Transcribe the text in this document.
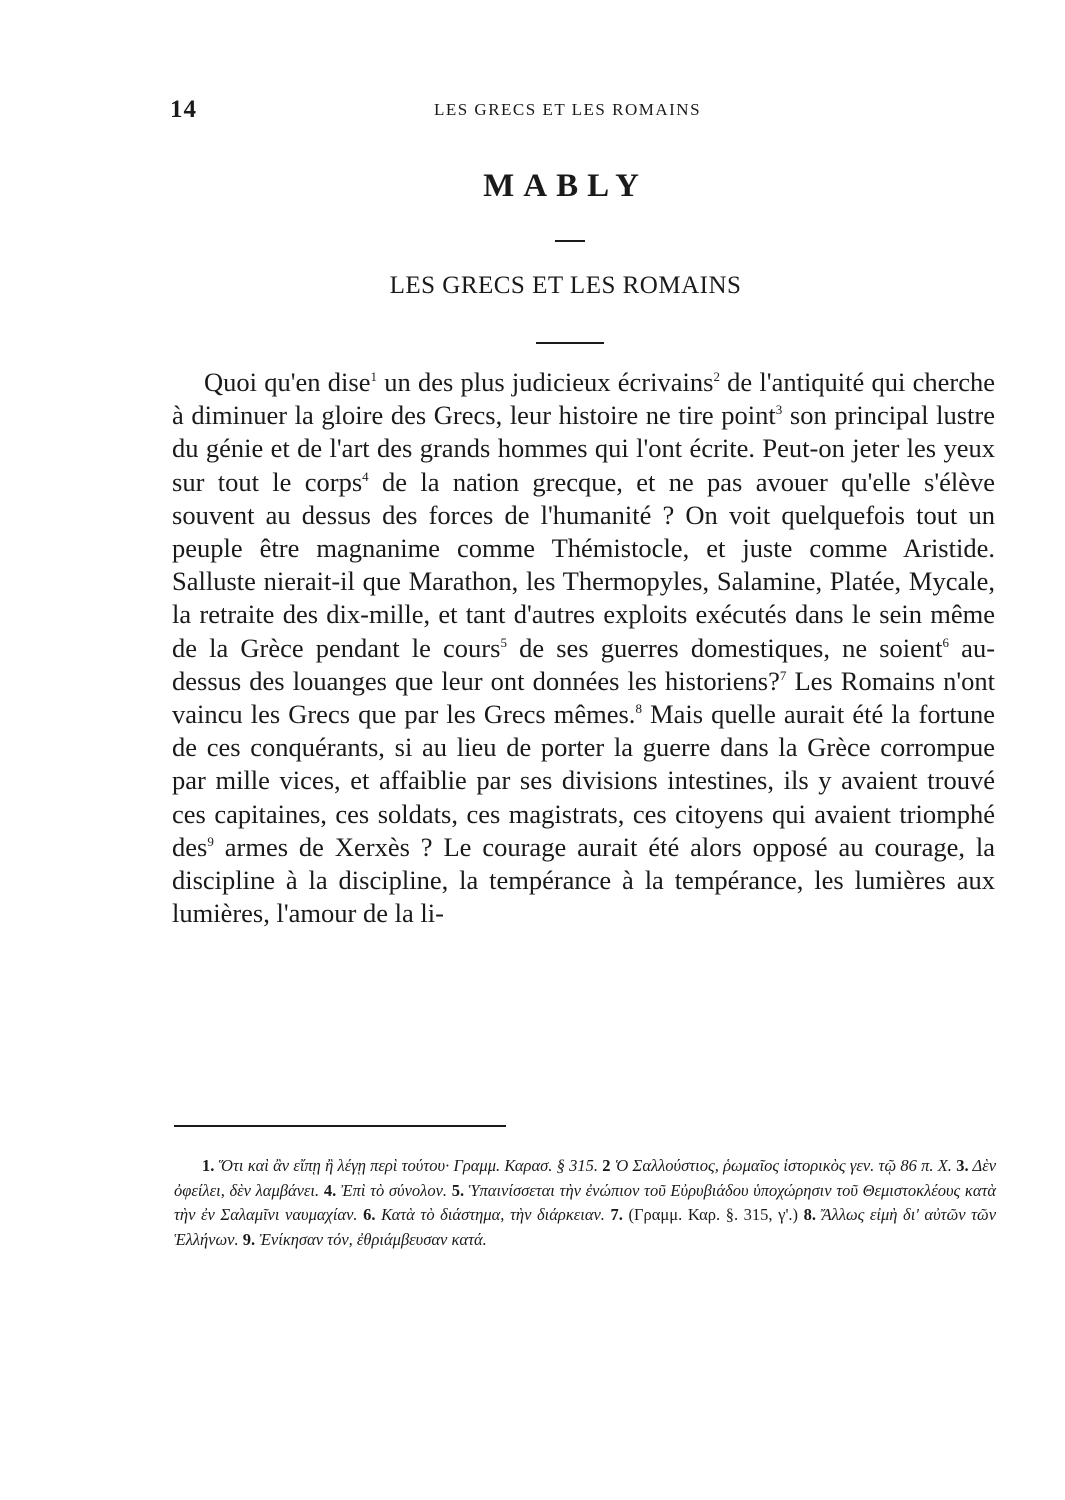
14	LES GRECS ET LES ROMAINS
MABLY
LES GRECS ET LES ROMAINS

Quoi qu'en dise$^1$ un des plus judicieux écrivains$^2$ de l'antiquité qui cherche à diminuer la gloire des Grecs, leur histoire ne tire point$^3$ son principal lustre du génie et de l'art des grands hommes qui l'ont écrite. Peut-on jeter les yeux sur tout le corps$^4$ de la nation grecque, et ne pas avouer qu'elle s'élève souvent au dessus des forces de l'humanité ? On voit quelquefois tout un peuple être magnanime comme Thémistocle, et juste comme Aristide. Salluste nierait-il que Marathon, les Thermopyles, Salamine, Platée, Mycale, la retraite des dix-mille, et tant d'autres exploits exécutés dans le sein même de la Grèce pendant le cours$^5$ de ses guerres domestiques, ne soient$^6$ au-dessus des louanges que leur ont données les historiens?$^7$ Les Romains n'ont vaincu les Grecs que par les Grecs mêmes.$^8$ Mais quelle aurait été la fortune de ces conquérants, si au lieu de porter la guerre dans la Grèce corrompue par mille vices, et affaiblie par ses divisions intestines, ils y avaient trouvé ces capitaines, ces soldats, ces magistrats, ces citoyens qui avaient triomphé des$^9$ armes de Xerxès ? Le courage aurait été alors opposé au courage, la discipline à la discipline, la tempérance à la tempérance, les lumières aux lumières, l'amour de la li-

1. Ὅτι καὶ ἂν εἴπῃ ἢ λέγῃ περὶ τούτου· Γραμμ. Καρασ. § 315. 2 Ὁ Σαλλούστιος, ῥωμαῖος ἱστορικὸς γεν. τῷ 86 π. Χ. 3. Δὲν ὀφείλει, δὲν λαμβάνει. 4. Ἐπὶ τὸ σύνολον. 5. Ὑπαινίσσεται τὴν ἐνώπιον τοῦ Εὐρυβιάδου ὑποχώρησιν τοῦ Θεμιστοκλέους κατὰ τὴν ἐν Σαλαμῖνι ναυμαχίαν. 6. Κατὰ τὸ διάστημα, τὴν διάρκειαν. 7. (Γραμμ. Καρ. §. 315, γ'.) 8. Ἄλλως εἰμὴ δι' αὐτῶν τῶν Ἑλλήνων. 9. Ἐνίκησαν τόν, ἐθριάμβευσαν κατά.
